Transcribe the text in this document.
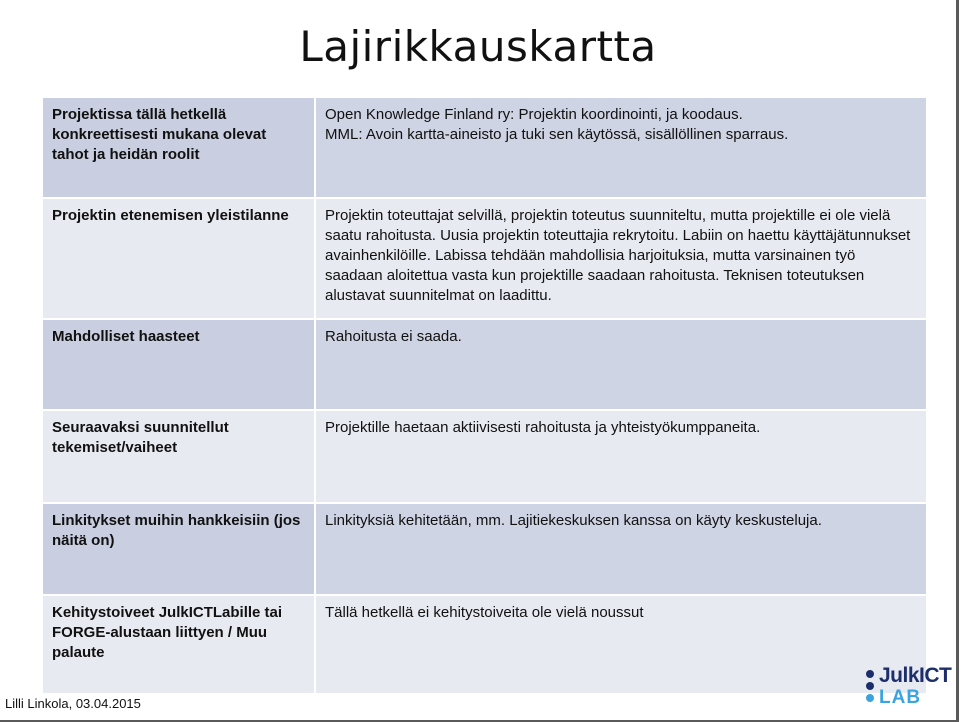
Lajirikkauskartta
Projektissa tällä hetkellä konkreettisesti mukana olevat tahot ja heidän roolit	Open Knowledge Finland ry: Projektin koordinointi, ja koodaus.
MML: Avoin kartta-aineisto ja tuki sen käytössä, sisällöllinen sparraus.

Projektin etenemisen yleistilanne	Projektin toteuttajat selvillä, projektin toteutus suunniteltu, mutta projektille ei ole vielä saatu rahoitusta. Uusia projektin toteuttajia rekrytoitu. Labiin on haettu käyttäjätunnukset avainhenkilöille. Labissa tehdään mahdollisia harjoituksia, mutta varsinainen työ saadaan aloitettua vasta kun projektille saadaan rahoitusta. Teknisen toteutuksen alustavat suunnitelmat on laadittu.

Mahdolliset haasteet	Rahoitusta ei saada.

Seuraavaksi suunnitellut tekemiset/vaiheet	Projektille haetaan aktiivisesti rahoitusta ja yhteistyökumppaneita.

Linkitykset muihin hankkeisiin (jos näitä on)	Linkityksiä kehitetään, mm. Lajitiekeskuksen kanssa on käyty keskusteluja.

Kehitystoiveet JulkICTLabille tai FORGE-alustaan liittyen / Muu palaute	Tällä hetkellä ei kehitystoiveita ole vielä noussut
Lilli Linkola, 03.04.2015
JulkICT
LAB
